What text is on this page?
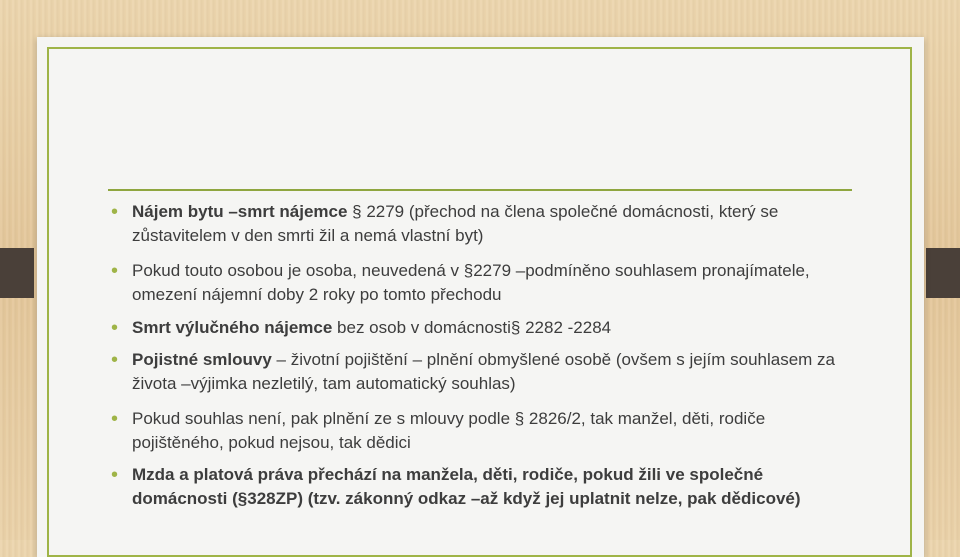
• Nájem bytu –smrt nájemce § 2279 (přechod na člena společné domácnosti, který se zůstavitelem v den smrti žil a nemá vlastní byt)
• Pokud touto osobou je osoba, neuvedená v §2279 –podmíněno souhlasem pronajímatele, omezení nájemní doby 2 roky po tomto přechodu
• Smrt výlučného nájemce bez osob v domácnosti§ 2282 -2284
• Pojistné smlouvy – životní pojištění – plnění obmyšlené osobě (ovšem s jejím souhlasem za života –výjimka nezletilý, tam automatický souhlas)
• Pokud souhlas není, pak plnění ze s mlouvy podle § 2826/2, tak manžel, děti, rodiče pojištěného, pokud nejsou, tak dědici
• Mzda a platová práva přechází na manžela, děti, rodiče, pokud žili ve společné domácnosti (§328ZP) (tzv. zákonný odkaz –až když jej uplatnit nelze, pak dědicové)
